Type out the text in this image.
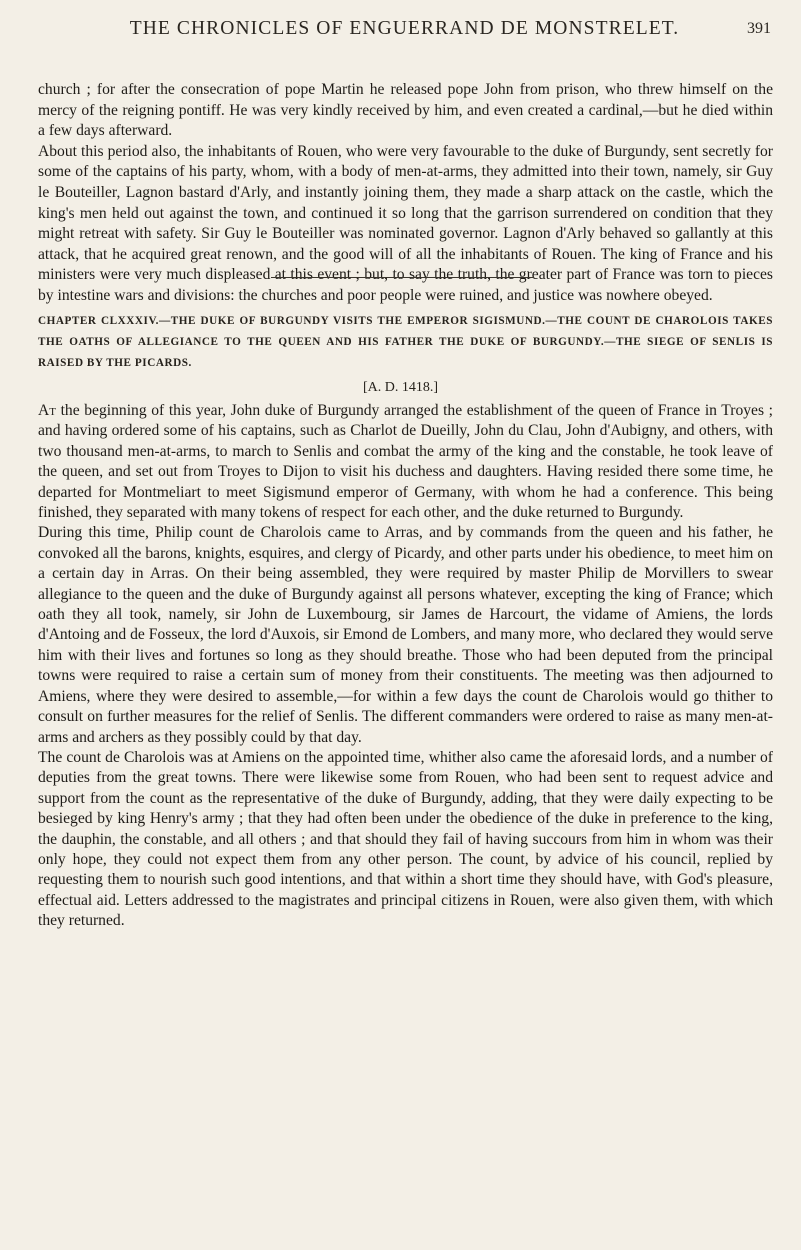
THE CHRONICLES OF ENGUERRAND DE MONSTRELET.	391

church ; for after the consecration of pope Martin he released pope John from prison, who threw himself on the mercy of the reigning pontiff. He was very kindly received by him, and even created a cardinal,—but he died within a few days afterward.

About this period also, the inhabitants of Rouen, who were very favourable to the duke of Burgundy, sent secretly for some of the captains of his party, whom, with a body of men-at-arms, they admitted into their town, namely, sir Guy le Bouteiller, Lagnon bastard d'Arly, and instantly joining them, they made a sharp attack on the castle, which the king's men held out against the town, and continued it so long that the garrison surrendered on condition that they might retreat with safety. Sir Guy le Bouteiller was nominated governor. Lagnon d'Arly behaved so gallantly at this attack, that he acquired great renown, and the good will of all the inhabitants of Rouen. The king of France and his ministers were very much displeased at this event ; but, to say the truth, the greater part of France was torn to pieces by intestine wars and divisions: the churches and poor people were ruined, and justice was nowhere obeyed.

CHAPTER CLXXXIV.—THE DUKE OF BURGUNDY VISITS THE EMPEROR SIGISMUND.—THE COUNT DE CHAROLOIS TAKES THE OATHS OF ALLEGIANCE TO THE QUEEN AND HIS FATHER THE DUKE OF BURGUNDY.—THE SIEGE OF SENLIS IS RAISED BY THE PICARDS.
[A. D. 1418.]

At the beginning of this year, John duke of Burgundy arranged the establishment of the queen of France in Troyes ; and having ordered some of his captains, such as Charlot de Dueilly, John du Clau, John d'Aubigny, and others, with two thousand men-at-arms, to march to Senlis and combat the army of the king and the constable, he took leave of the queen, and set out from Troyes to Dijon to visit his duchess and daughters. Having resided there some time, he departed for Montmeliart to meet Sigismund emperor of Germany, with whom he had a conference. This being finished, they separated with many tokens of respect for each other, and the duke returned to Burgundy.

During this time, Philip count de Charolois came to Arras, and by commands from the queen and his father, he convoked all the barons, knights, esquires, and clergy of Picardy, and other parts under his obedience, to meet him on a certain day in Arras. On their being assembled, they were required by master Philip de Morvillers to swear allegiance to the queen and the duke of Burgundy against all persons whatever, excepting the king of France; which oath they all took, namely, sir John de Luxembourg, sir James de Harcourt, the vidame of Amiens, the lords d'Antoing and de Fosseux, the lord d'Auxois, sir Emond de Lombers, and many more, who declared they would serve him with their lives and fortunes so long as they should breathe. Those who had been deputed from the principal towns were required to raise a certain sum of money from their constituents. The meeting was then adjourned to Amiens, where they were desired to assemble,—for within a few days the count de Charolois would go thither to consult on further measures for the relief of Senlis. The different commanders were ordered to raise as many men-at-arms and archers as they possibly could by that day.

The count de Charolois was at Amiens on the appointed time, whither also came the aforesaid lords, and a number of deputies from the great towns. There were likewise some from Rouen, who had been sent to request advice and support from the count as the representative of the duke of Burgundy, adding, that they were daily expecting to be besieged by king Henry's army ; that they had often been under the obedience of the duke in preference to the king, the dauphin, the constable, and all others ; and that should they fail of having succours from him in whom was their only hope, they could not expect them from any other person. The count, by advice of his council, replied by requesting them to nourish such good intentions, and that within a short time they should have, with God's pleasure, effectual aid. Letters addressed to the magistrates and principal citizens in Rouen, were also given them, with which they returned.
